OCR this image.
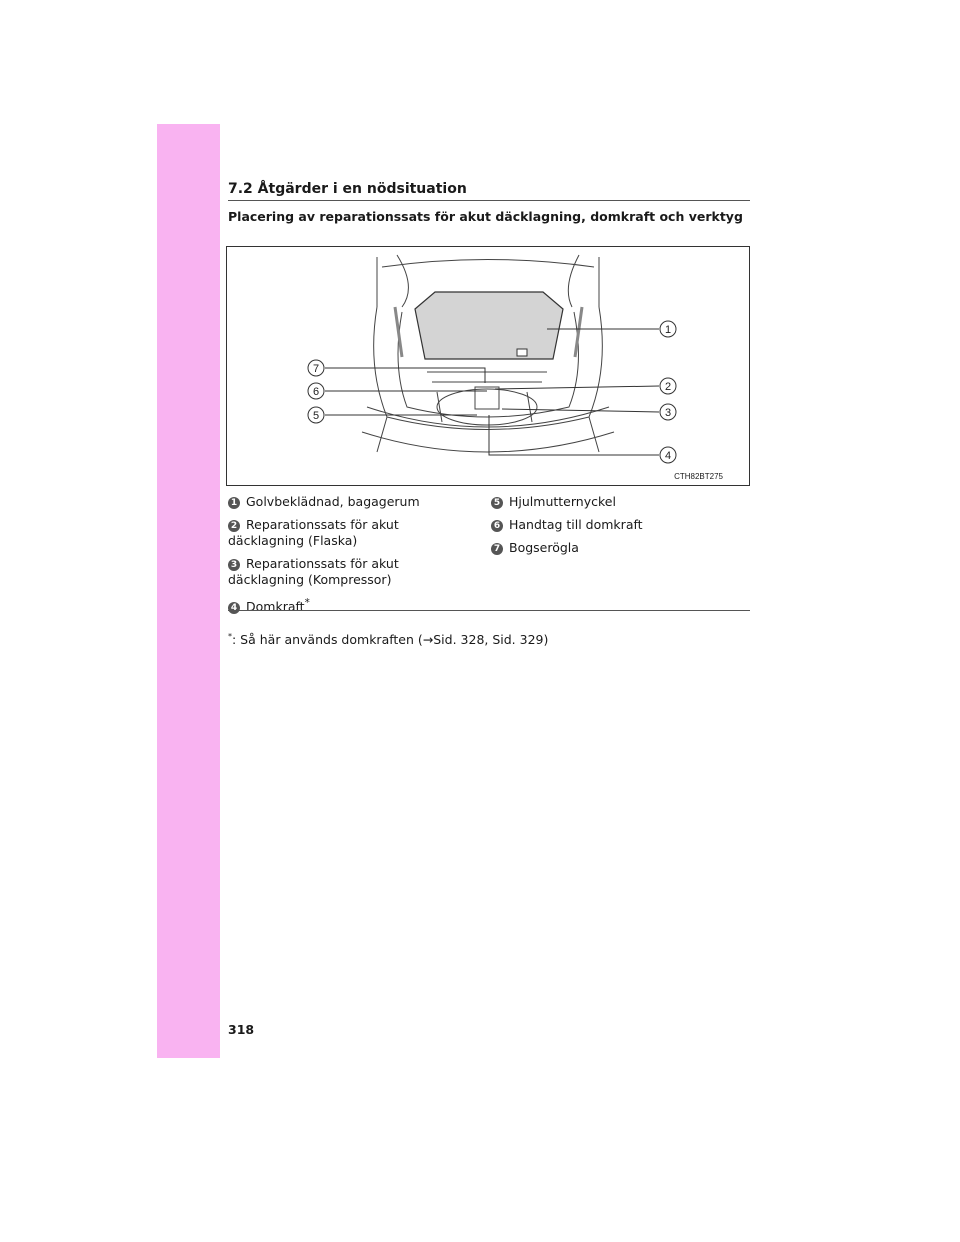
7.2 Åtgärder i en nödsituation
Placering av reparationssats för akut däcklagning, domkraft och verktyg
1
2
3
4
5
6
7
CTH82BT275
1 Golvbeklädnad, bagagerum
2 Reparationssats för akut däcklagning (Flaska)
3 Reparationssats för akut däcklagning (Kompressor)
4 Domkraft*
5 Hjulmutternyckel
6 Handtag till domkraft
7 Bogserögla
*: Så här används domkraften (→Sid. 328, Sid. 329)
318
